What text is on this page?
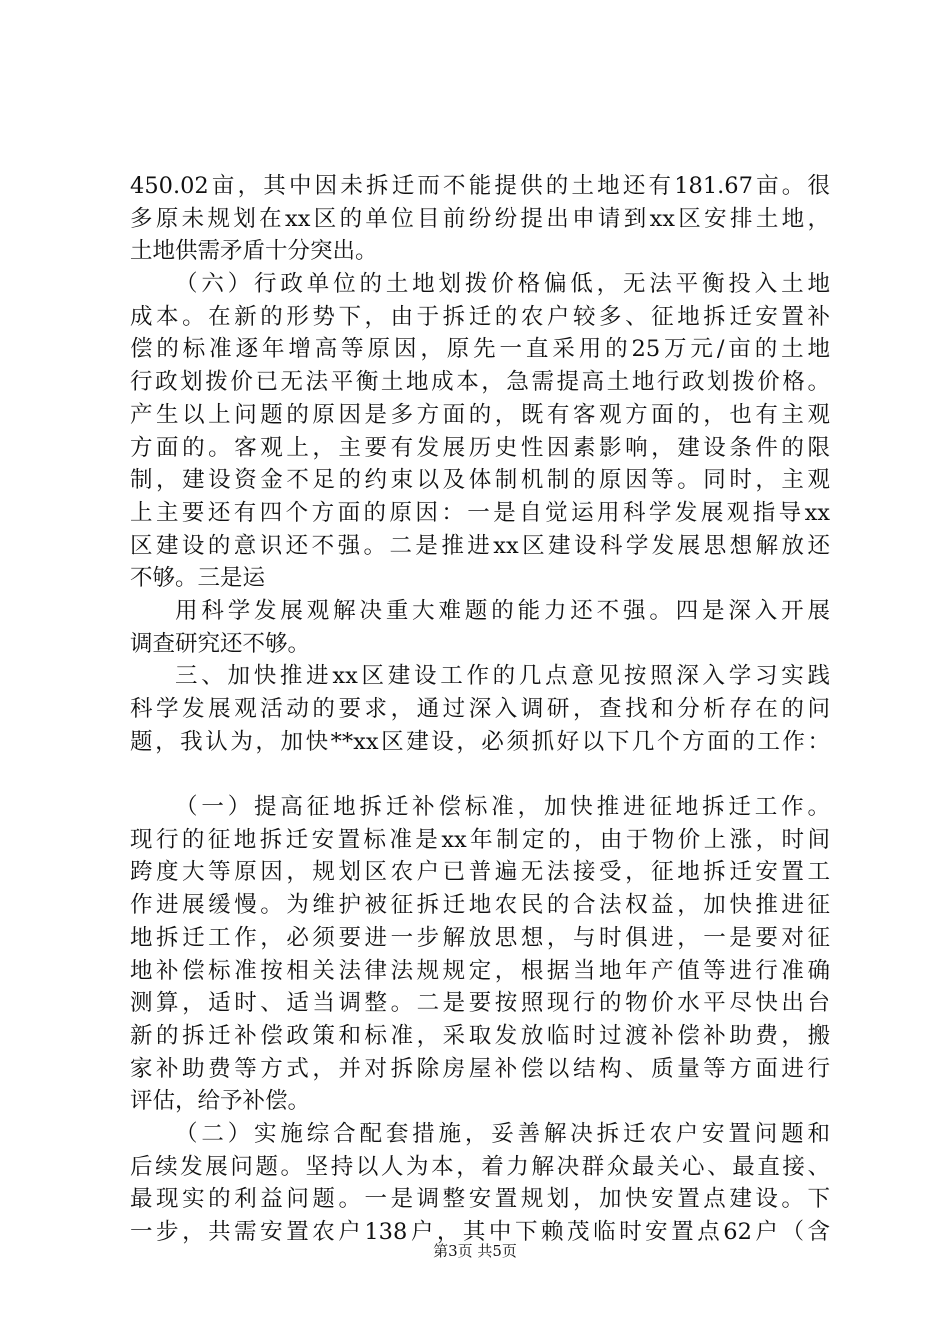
450.02亩，其中因未拆迁而不能提供的土地还有181.67亩。很
多原未规划在xx区的单位目前纷纷提出申请到xx区安排土地，
土地供需矛盾十分突出。
（六）行政单位的土地划拨价格偏低，无法平衡投入土地
成本。在新的形势下，由于拆迁的农户较多、征地拆迁安置补
偿的标准逐年增高等原因，原先一直采用的25万元/亩的土地
行政划拨价已无法平衡土地成本，急需提高土地行政划拨价格。
产生以上问题的原因是多方面的，既有客观方面的，也有主观
方面的。客观上，主要有发展历史性因素影响，建设条件的限
制，建设资金不足的约束以及体制机制的原因等。同时，主观
上主要还有四个方面的原因：一是自觉运用科学发展观指导xx
区建设的意识还不强。二是推进xx区建设科学发展思想解放还
不够。三是运
用科学发展观解决重大难题的能力还不强。四是深入开展
调查研究还不够。
三、加快推进xx区建设工作的几点意见按照深入学习实践
科学发展观活动的要求，通过深入调研，查找和分析存在的问
题，我认为，加快**xx区建设，必须抓好以下几个方面的工作：
（一）提高征地拆迁补偿标准，加快推进征地拆迁工作。
现行的征地拆迁安置标准是xx年制定的，由于物价上涨，时间
跨度大等原因，规划区农户已普遍无法接受，征地拆迁安置工
作进展缓慢。为维护被征拆迁地农民的合法权益，加快推进征
地拆迁工作，必须要进一步解放思想，与时俱进，一是要对征
地补偿标准按相关法律法规规定，根据当地年产值等进行准确
测算，适时、适当调整。二是要按照现行的物价水平尽快出台
新的拆迁补偿政策和标准，采取发放临时过渡补偿补助费，搬
家补助费等方式，并对拆除房屋补偿以结构、质量等方面进行
评估，给予补偿。
（二）实施综合配套措施，妥善解决拆迁农户安置问题和
后续发展问题。坚持以人为本，着力解决群众最关心、最直接、
最现实的利益问题。一是调整安置规划，加快安置点建设。下
一步，共需安置农户138户，其中下赖茂临时安置点62户（含
第3页 共5页
